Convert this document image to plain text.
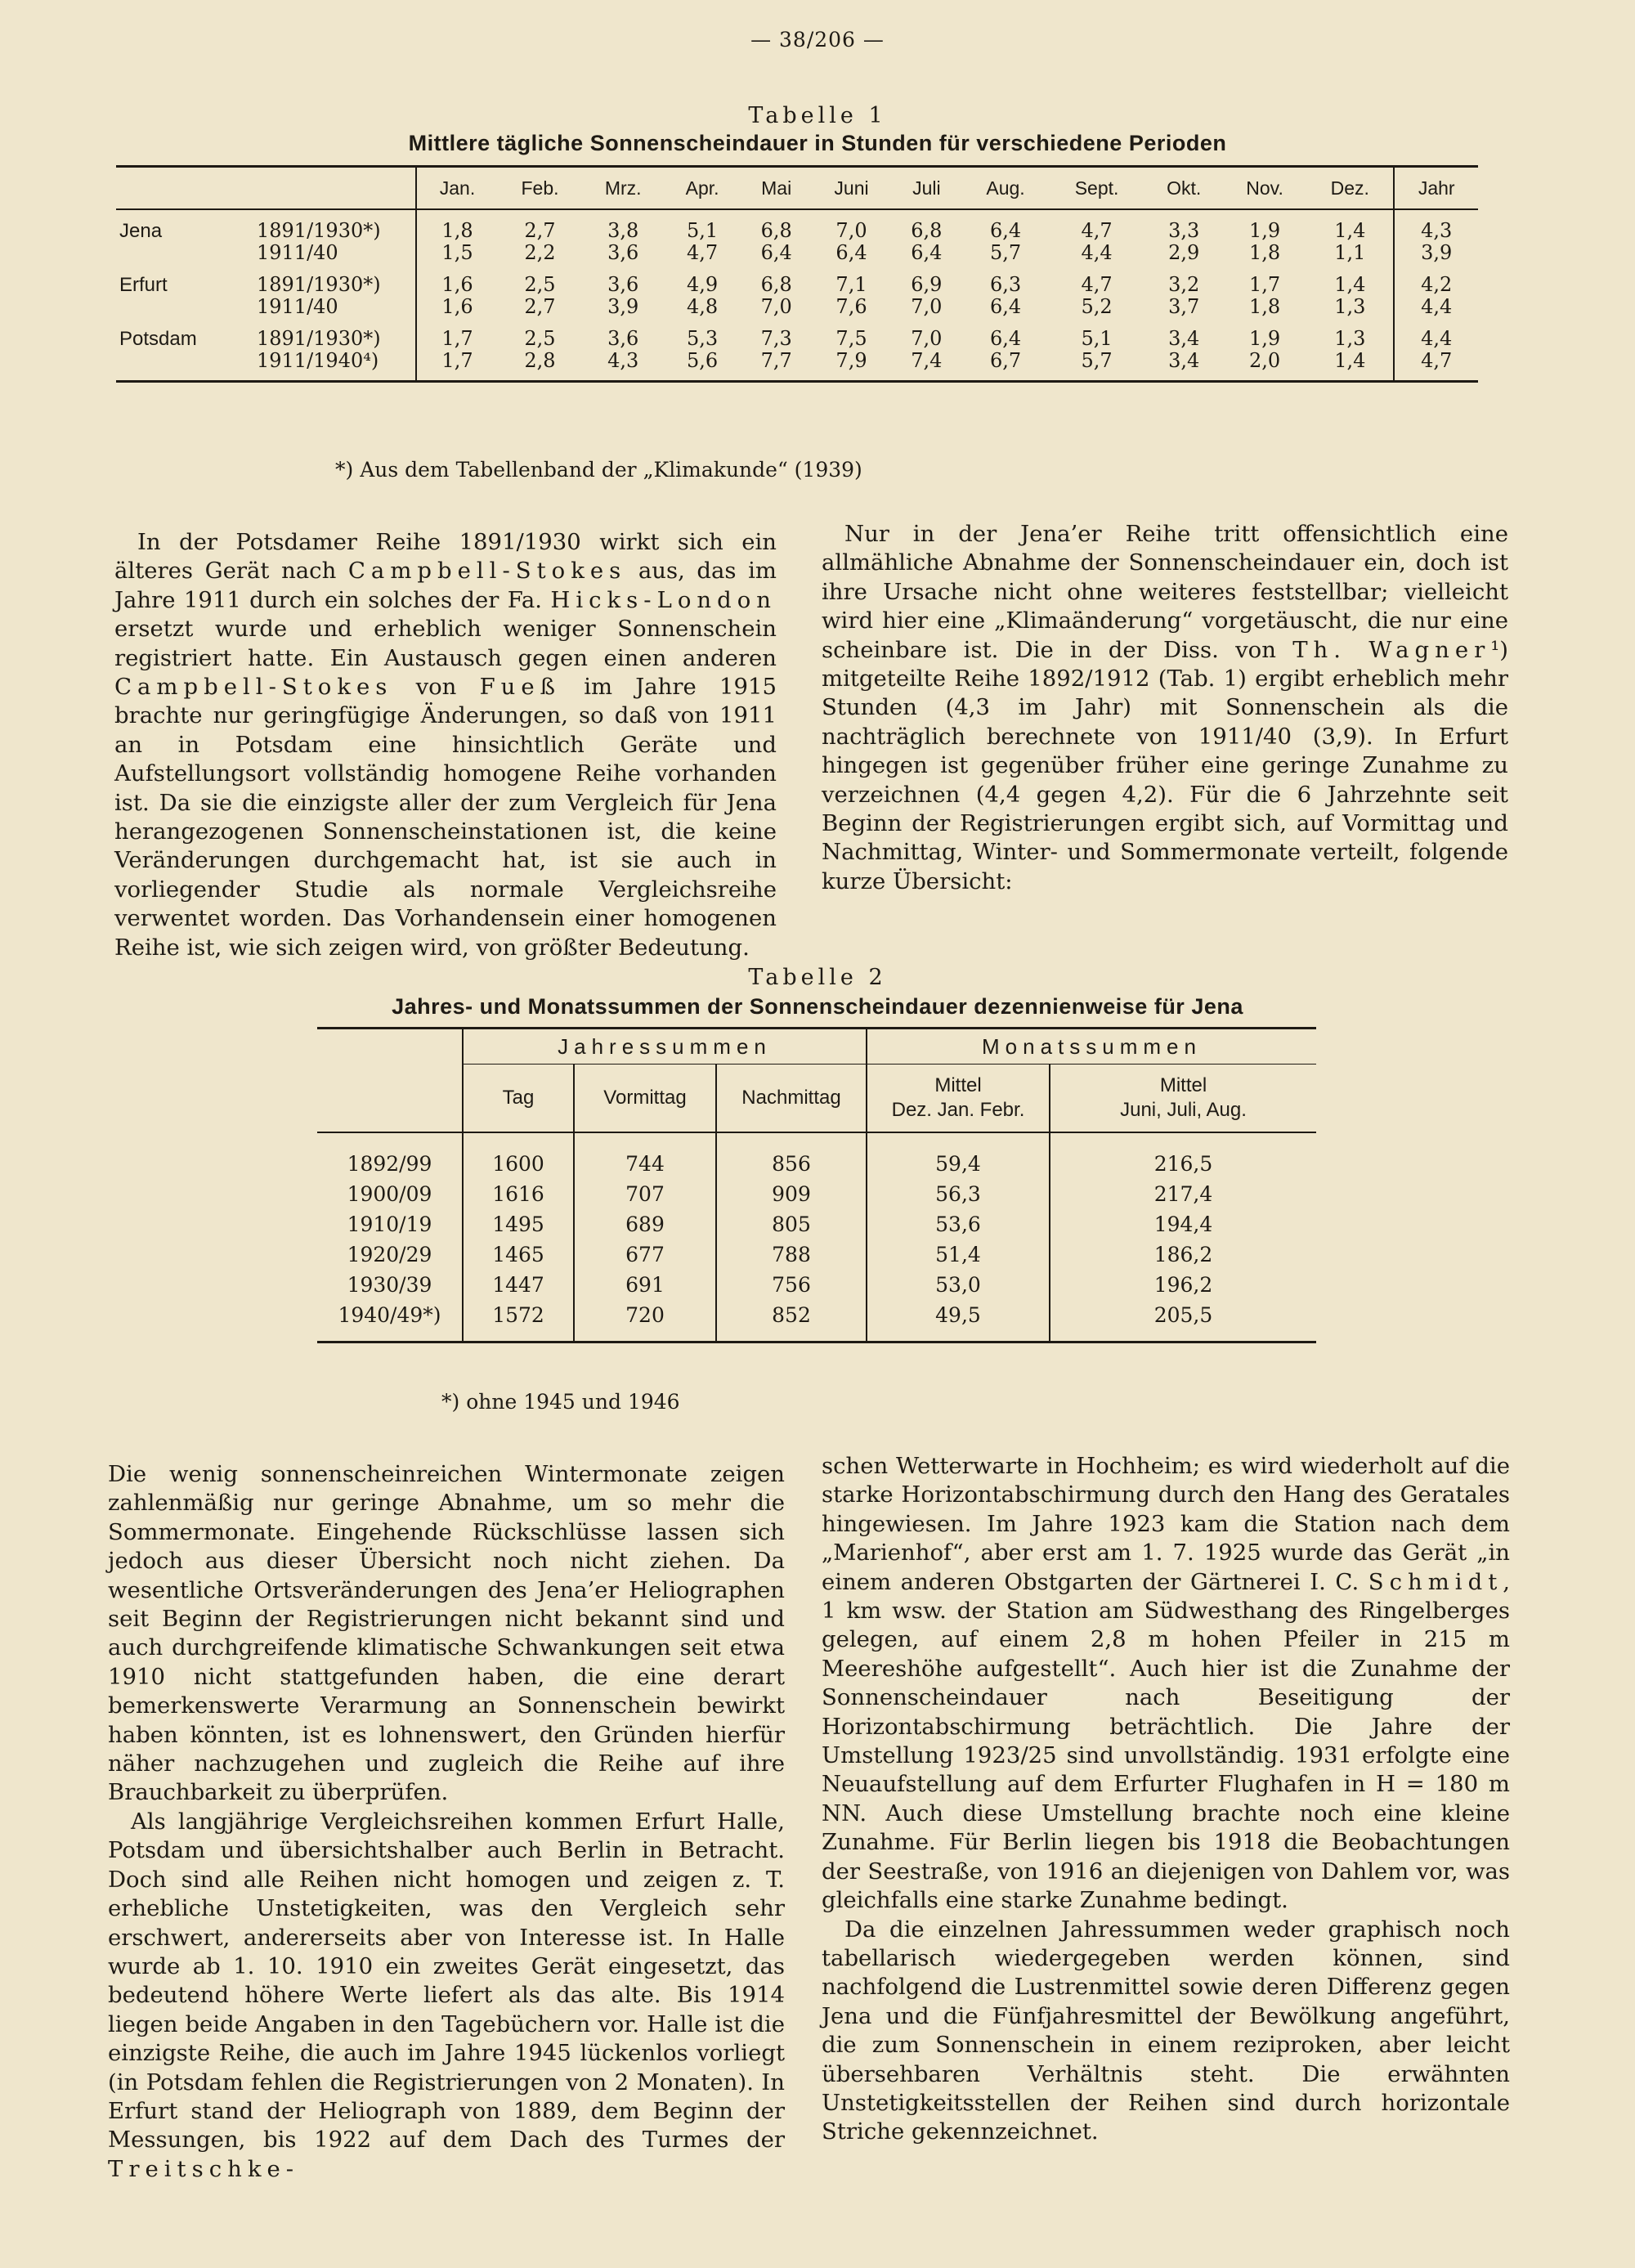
— 38/206 —
Tabelle 1
Mittlere tägliche Sonnenscheindauer in Stunden für verschiedene Perioden
		Jan.	Feb.	Mrz.	Apr.	Mai	Juni	Juli	Aug.	Sept.	Okt.	Nov.	Dez.	Jahr
Jena	1891/1930*)	1,8	2,7	3,8	5,1	6,8	7,0	6,8	6,4	4,7	3,3	1,9	1,4	4,3
	1911/40	1,5	2,2	3,6	4,7	6,4	6,4	6,4	5,7	4,4	2,9	1,8	1,1	3,9

Erfurt	1891/1930*)	1,6	2,5	3,6	4,9	6,8	7,1	6,9	6,3	4,7	3,2	1,7	1,4	4,2
	1911/40	1,6	2,7	3,9	4,8	7,0	7,6	7,0	6,4	5,2	3,7	1,8	1,3	4,4

Potsdam	1891/1930*)	1,7	2,5	3,6	5,3	7,3	7,5	7,0	6,4	5,1	3,4	1,9	1,3	4,4
	1911/1940⁴)	1,7	2,8	4,3	5,6	7,7	7,9	7,4	6,7	5,7	3,4	2,0	1,4	4,7
*) Aus dem Tabellenband der „Klimakunde“ (1939)

In der Potsdamer Reihe 1891/1930 wirkt sich ein älteres Gerät nach Campbell-Stokes aus, das im Jahre 1911 durch ein solches der Fa. Hicks-London ersetzt wurde und erheblich weniger Sonnenschein registriert hatte. Ein Austausch gegen einen anderen Campbell-Stokes von Fueß im Jahre 1915 brachte nur geringfügige Änderungen, so daß von 1911 an in Potsdam eine hinsichtlich Geräte und Aufstellungsort vollständig homogene Reihe vorhanden ist. Da sie die einzigste aller der zum Vergleich für Jena herangezogenen Sonnenscheinstationen ist, die keine Veränderungen durchgemacht hat, ist sie auch in vorliegender Studie als normale Vergleichsreihe verwentet worden. Das Vorhandensein einer homogenen Reihe ist, wie sich zeigen wird, von größter Bedeutung.

Nur in der Jena’er Reihe tritt offensichtlich eine allmähliche Abnahme der Sonnenscheindauer ein, doch ist ihre Ursache nicht ohne weiteres feststellbar; vielleicht wird hier eine „Klimaänderung“ vorgetäuscht, die nur eine scheinbare ist. Die in der Diss. von Th. Wagner¹) mitgeteilte Reihe 1892/1912 (Tab. 1) ergibt erheblich mehr Stunden (4,3 im Jahr) mit Sonnenschein als die nachträglich berechnete von 1911/40 (3,9). In Erfurt hingegen ist gegenüber früher eine geringe Zunahme zu verzeichnen (4,4 gegen 4,2). Für die 6 Jahrzehnte seit Beginn der Registrierungen ergibt sich, auf Vormittag und Nachmittag, Winter- und Sommermonate verteilt, folgende kurze Übersicht:

Tabelle 2
Jahres- und Monatssummen der Sonnenscheindauer dezennienweise für Jena
	Jahressummen			Monatssummen	
	Tag	Vormittag	Nachmittag	Mittel
Dez. Jan. Febr.	Mittel
Juni, Juli, Aug.
1892/99	1600	744	856	59,4	216,5
1900/09	1616	707	909	56,3	217,4
1910/19	1495	689	805	53,6	194,4
1920/29	1465	677	788	51,4	186,2
1930/39	1447	691	756	53,0	196,2
1940/49*)	1572	720	852	49,5	205,5
*) ohne 1945 und 1946

Die wenig sonnenscheinreichen Wintermonate zeigen zahlenmäßig nur geringe Abnahme, um so mehr die Sommermonate. Eingehende Rückschlüsse lassen sich jedoch aus dieser Übersicht noch nicht ziehen. Da wesentliche Ortsveränderungen des Jena’er Heliographen seit Beginn der Registrierungen nicht bekannt sind und auch durchgreifende klimatische Schwankungen seit etwa 1910 nicht stattgefunden haben, die eine derart bemerkenswerte Verarmung an Sonnenschein bewirkt haben könnten, ist es lohnenswert, den Gründen hierfür näher nachzugehen und zugleich die Reihe auf ihre Brauchbarkeit zu überprüfen.

Als langjährige Vergleichsreihen kommen Erfurt Halle, Potsdam und übersichtshalber auch Berlin in Betracht. Doch sind alle Reihen nicht homogen und zeigen z. T. erhebliche Unstetigkeiten, was den Vergleich sehr erschwert, andererseits aber von Interesse ist. In Halle wurde ab 1. 10. 1910 ein zweites Gerät eingesetzt, das bedeutend höhere Werte liefert als das alte. Bis 1914 liegen beide Angaben in den Tagebüchern vor. Halle ist die einzigste Reihe, die auch im Jahre 1945 lückenlos vorliegt (in Potsdam fehlen die Registrierungen von 2 Monaten). In Erfurt stand der Heliograph von 1889, dem Beginn der Messungen, bis 1922 auf dem Dach des Turmes der Treitschke-

schen Wetterwarte in Hochheim; es wird wiederholt auf die starke Horizontabschirmung durch den Hang des Geratales hingewiesen. Im Jahre 1923 kam die Station nach dem „Marienhof“, aber erst am 1. 7. 1925 wurde das Gerät „in einem anderen Obstgarten der Gärtnerei I. C. Schmidt, 1 km wsw. der Station am Südwesthang des Ringelberges gelegen, auf einem 2,8 m hohen Pfeiler in 215 m Meereshöhe aufgestellt“. Auch hier ist die Zunahme der Sonnenscheindauer nach Beseitigung der Horizontabschirmung beträchtlich. Die Jahre der Umstellung 1923/25 sind unvollständig. 1931 erfolgte eine Neuaufstellung auf dem Erfurter Flughafen in H = 180 m NN. Auch diese Umstellung brachte noch eine kleine Zunahme. Für Berlin liegen bis 1918 die Beobachtungen der Seestraße, von 1916 an diejenigen von Dahlem vor, was gleichfalls eine starke Zunahme bedingt.

Da die einzelnen Jahressummen weder graphisch noch tabellarisch wiedergegeben werden können, sind nachfolgend die Lustrenmittel sowie deren Differenz gegen Jena und die Fünfjahresmittel der Bewölkung angeführt, die zum Sonnenschein in einem reziproken, aber leicht übersehbaren Verhältnis steht. Die erwähnten Unstetigkeitsstellen der Reihen sind durch horizontale Striche gekennzeichnet.
